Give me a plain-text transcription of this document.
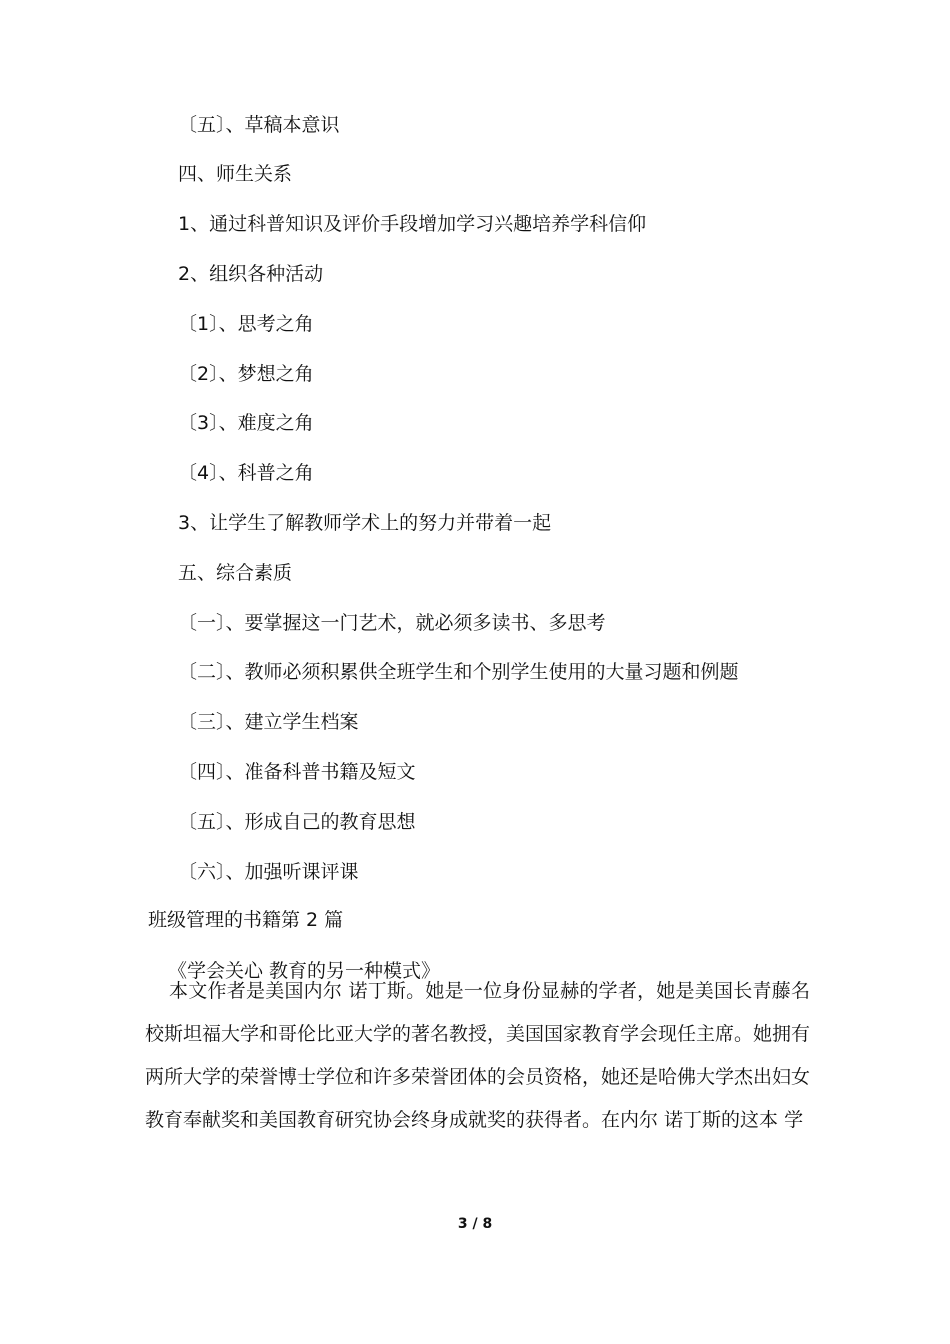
〔五〕、草稿本意识

四、师生关系

1、通过科普知识及评价手段增加学习兴趣培养学科信仰

2、组织各种活动

〔1〕、思考之角

〔2〕、梦想之角

〔3〕、难度之角

〔4〕、科普之角

3、让学生了解教师学术上的努力并带着一起

五、综合素质

〔一〕、要掌握这一门艺术，就必须多读书、多思考

〔二〕、教师必须积累供全班学生和个别学生使用的大量习题和例题

〔三〕、建立学生档案

〔四〕、准备科普书籍及短文

〔五〕、形成自己的教育思想

〔六〕、加强听课评课

班级管理的书籍第 2 篇

《学会关心 教育的另一种模式》

本文作者是美国内尔 诺丁斯。她是一位身份显赫的学者，她是美国长青藤名校斯坦福大学和哥伦比亚大学的著名教授，美国国家教育学会现任主席。她拥有两所大学的荣誉博士学位和许多荣誉团体的会员资格，她还是哈佛大学杰出妇女教育奉献奖和美国教育研究协会终身成就奖的获得者。在内尔 诺丁斯的这本 学

3 / 8
